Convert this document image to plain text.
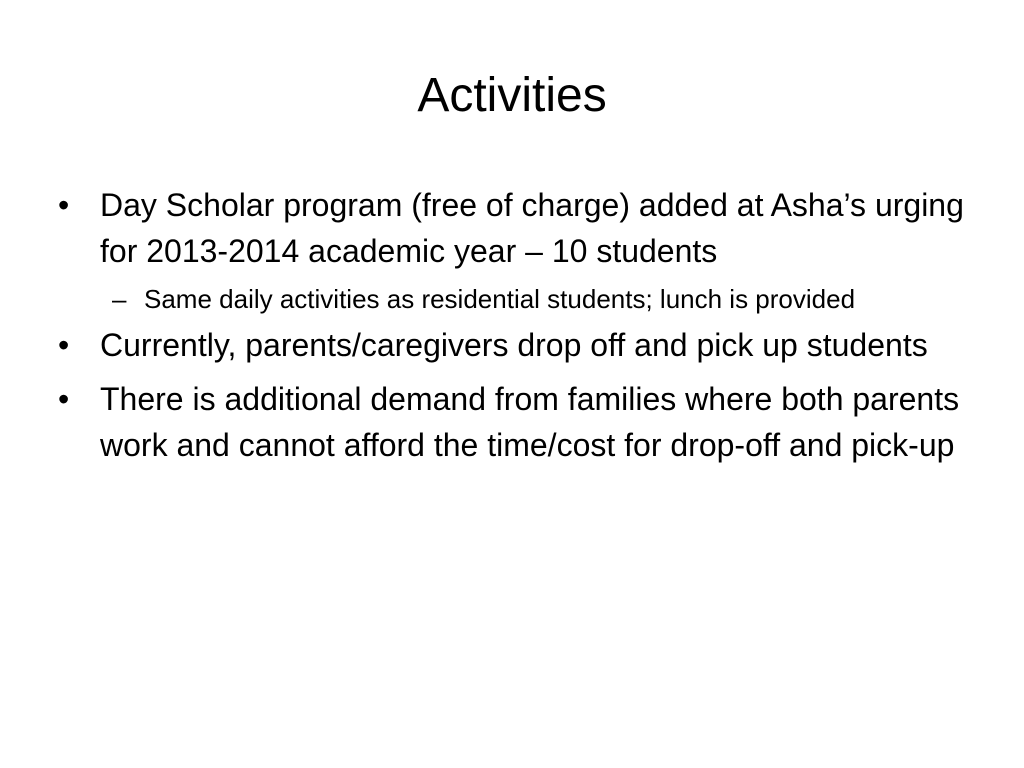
Activities
• Day Scholar program (free of charge) added at Asha’s urging for 2013-2014 academic year – 10 students
– Same daily activities as residential students; lunch is provided
• Currently, parents/caregivers drop off and pick up students
• There is additional demand from families where both parents work and cannot afford the time/cost for drop-off and pick-up
